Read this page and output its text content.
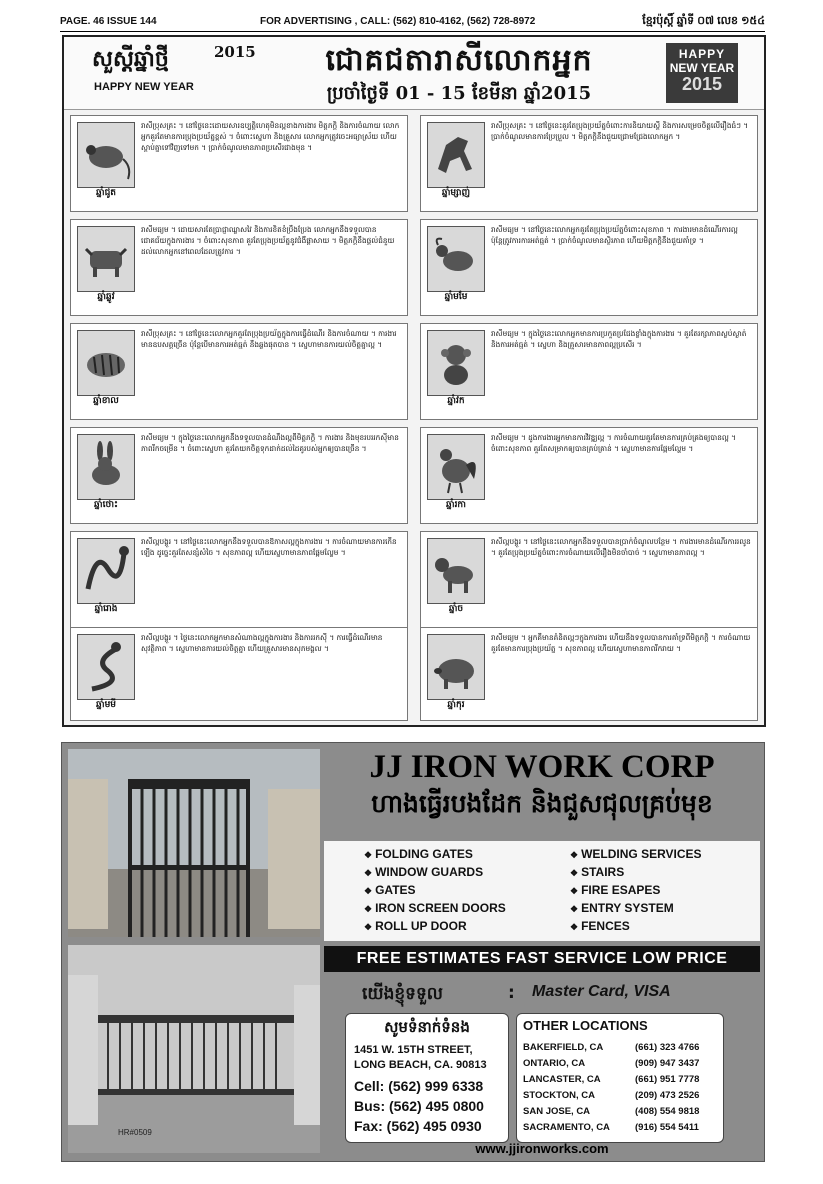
PAGE. 46 ISSUE 144	FOR ADVERTISING , CALL: (562) 810-4162, (562) 728-8972	ខ្មែរប៉ុស្តិ៍ ឆ្នាំទី ០៧ លេខ ១៥៤
សួស្តីឆ្នាំថ្មី
HAPPY NEW YEAR
2015	ជោគជតារាសីលោកអ្នក
ប្រចាំថ្ងៃទី 01 - 15 ខែមីនា ឆ្នាំ2015
HAPPY
NEW YEAR
2015
ឆ្នាំជូត
រាសីប្រុសគ្រះ ។ នៅថ្ងៃនេះដោយសារឧប្បត្តិហេតុមិនល្អខាងការងារ មិត្តភក្តិ និងការចំណាយ លោកអ្នកគួរតែមានការប្រុងប្រយ័ត្នខ្ពស់ ។ ចំពោះស្នេហា និងគ្រួសារ លោកអ្នកត្រូវចេះអធ្យាស្រ័យ ហើយស្តាប់គ្នាទៅវិញទៅមក ។ ប្រាក់ចំណូលមានភាពប្រសើរជាងមុន ។
ឆ្នាំម្សាញ់
រាសីប្រុសគ្រះ ។ នៅថ្ងៃនេះគួរតែប្រុងប្រយ័ត្នចំពោះការនិយាយស្តី និងការសម្រេចចិត្តលើរឿងធំៗ ។ ប្រាក់ចំណូលមានការប្រែប្រួល ។ មិត្តភក្តិនឹងជួយជ្រោមជ្រែងលោកអ្នក ។
ឆ្នាំឆ្លូវ
រាសីមធ្យម ។ ដោយសារតែប្រាជ្ញាឈ្លាសវៃ និងការខិតខំប្រឹងប្រែង លោកអ្នកនឹងទទួលបានជោគជ័យក្នុងការងារ ។ ចំពោះសុខភាព គួរតែប្រុងប្រយ័ត្ននូវជំងឺផ្តាសាយ ។ មិត្តភក្តិនឹងផ្តល់ជំនួយដល់លោកអ្នកនៅពេលដែលត្រូវការ ។
ឆ្នាំមមែ
រាសីមធ្យម ។ នៅថ្ងៃនេះលោកអ្នកគួរតែប្រុងប្រយ័ត្នចំពោះសុខភាព ។ ការងារមានដំណើរការល្អ ប៉ុន្តែត្រូវការការអត់ធ្មត់ ។ ប្រាក់ចំណូលមានស្ថិរភាព ហើយមិត្តភក្តិនឹងជួយគាំទ្រ ។
ឆ្នាំខាល
រាសីប្រុសគ្រះ ។ នៅថ្ងៃនេះលោកអ្នកគួរតែប្រុងប្រយ័ត្នក្នុងការធ្វើដំណើរ និងការចំណាយ ។ ការងារមានឧបសគ្គច្រើន ប៉ុន្តែបើមានការអត់ធ្មត់ នឹងឆ្លងផុតបាន ។ ស្នេហាមានការយល់ចិត្តគ្នាល្អ ។
ឆ្នាំវក
រាសីមធ្យម ។ ក្នុងថ្ងៃនេះលោកអ្នកមានការប្រកួតប្រជែងខ្លាំងក្នុងការងារ ។ គួរតែរក្សាភាពស្ងប់ស្ងាត់ និងការអត់ធ្មត់ ។ ស្នេហា និងគ្រួសារមានភាពល្អប្រសើរ ។
ឆ្នាំថោះ
រាសីមធ្យម ។ ក្នុងថ្ងៃនេះលោកអ្នកនឹងទទួលបានដំណឹងល្អពីមិត្តភក្តិ ។ ការងារ និងមុខរបររកស៊ីមានភាពរីកចម្រើន ។ ចំពោះស្នេហា គួរតែយកចិត្តទុកដាក់ដល់ដៃគូរបស់អ្នកឲ្យបានច្រើន ។
ឆ្នាំរកា
រាសីមធ្យម ។ ដូងការងារអ្នកមានការវិវឌ្ឍល្អ ។ ការចំណាយគួរតែមានការគ្រប់គ្រងឲ្យបានល្អ ។ ចំពោះសុខភាព គួរតែសម្រាកឲ្យបានគ្រប់គ្រាន់ ។ ស្នេហាមានការផ្អែមល្ហែម ។
ឆ្នាំរោង
រាសីល្អបង្គួរ ។ នៅថ្ងៃនេះលោកអ្នកនឹងទទួលបានឱកាសល្អក្នុងការងារ ។ ការចំណាយមានការកើនឡើង ដូច្នេះគួរតែសន្សំសំចៃ ។ សុខភាពល្អ ហើយស្នេហាមានភាពផ្អែមល្ហែម ។
ឆ្នាំច
រាសីល្អបង្គួរ ។ នៅថ្ងៃនេះលោកអ្នកនឹងទទួលបានប្រាក់ចំណូលបន្ថែម ។ ការងារមានដំណើរការរលូន ។ គួរតែប្រុងប្រយ័ត្នចំពោះការចំណាយលើរឿងមិនចាំបាច់ ។ ស្នេហាមានភាពល្អ ។
ឆ្នាំមមី
រាសីល្អបង្គួរ ។ ថ្ងៃនេះលោកអ្នកមានសំណាងល្អក្នុងការងារ និងការរកស៊ី ។ ការធ្វើដំណើរមានសុវត្ថិភាព ។ ស្នេហាមានការយល់ចិត្តគ្នា ហើយគ្រួសារមានសុភមង្គល ។
ឆ្នាំកុរ
រាសីមធ្យម ។ អ្នកគឺមានគំនិតល្អៗក្នុងការងារ ហើយនឹងទទួលបានការគាំទ្រពីមិត្តភក្តិ ។ ការចំណាយគួរតែមានការប្រុងប្រយ័ត្ន ។ សុខភាពល្អ ហើយស្នេហាមានភាពរីករាយ ។
HR#0509
JJ IRON WORK CORP
ហាងធ្វើរបងដែក និងជួសជុលគ្រប់មុខ
❖ FOLDING GATES
❖ WINDOW GUARDS
❖ GATES
❖ IRON SCREEN DOORS
❖ ROLL UP DOOR
❖ WELDING SERVICES
❖ STAIRS
❖ FIRE ESAPES
❖ ENTRY SYSTEM
❖ FENCES
FREE ESTIMATES FAST SERVICE LOW PRICE
យើងខ្ញុំទទួល	: Master Card, VISA
សូមទំនាក់ទំនង
1451 W. 15TH STREET,
LONG BEACH, CA. 90813
Cell: (562) 999 6338
Bus: (562) 495 0800
Fax: (562) 495 0930
OTHER LOCATIONS
BAKERFIELD, CA	(661) 323 4766
ONTARIO, CA	(909) 947 3437
LANCASTER, CA	(661) 951 7778
STOCKTON, CA	(209) 473 2526
SAN JOSE, CA	(408) 554 9818
SACRAMENTO, CA	(916) 554 5411
www.jjironworks.com
